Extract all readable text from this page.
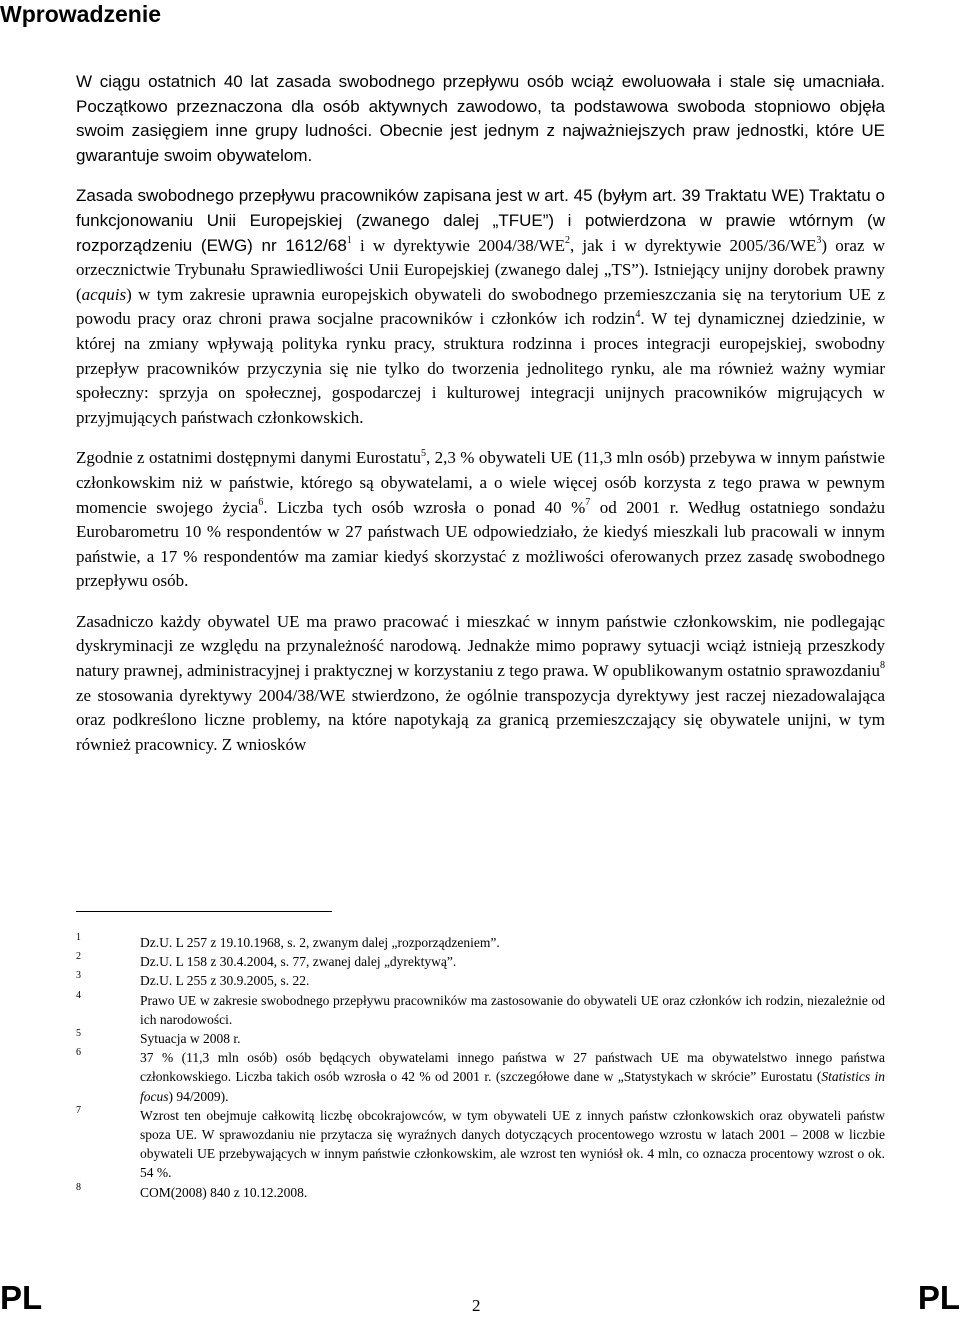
Wprowadzenie

W ciągu ostatnich 40 lat zasada swobodnego przepływu osób wciąż ewoluowała i stale się umacniała. Początkowo przeznaczona dla osób aktywnych zawodowo, ta podstawowa swoboda stopniowo objęła swoim zasięgiem inne grupy ludności. Obecnie jest jednym z najważniejszych praw jednostki, które UE gwarantuje swoim obywatelom.

Zasada swobodnego przepływu pracowników zapisana jest w art. 45 (byłym art. 39 Traktatu WE) Traktatu o funkcjonowaniu Unii Europejskiej (zwanego dalej „TFUE”) i potwierdzona w prawie wtórnym (w rozporządzeniu (EWG) nr $1612/68^1$ i w dyrektywie $2004/38/WE^2$, jak i w dyrektywie $2005/36/WE^3$) oraz w orzecznictwie Trybunału Sprawiedliwości Unii Europejskiej (zwanego dalej „TS”). Istniejący unijny dorobek prawny (acquis) w tym zakresie uprawnia europejskich obywateli do swobodnego przemieszczania się na terytorium UE z powodu pracy oraz chroni prawa socjalne pracowników i członków ich rodzin$^4$. W tej dynamicznej dziedzinie, w której na zmiany wpływają polityka rynku pracy, struktura rodzinna i proces integracji europejskiej, swobodny przepływ pracowników przyczynia się nie tylko do tworzenia jednolitego rynku, ale ma również ważny wymiar społeczny: sprzyja on społecznej, gospodarczej i kulturowej integracji unijnych pracowników migrujących w przyjmujących państwach członkowskich.

Zgodnie z ostatnimi dostępnymi danymi Eurostatu$^5$, 2,3 % obywateli UE (11,3 mln osób) przebywa w innym państwie członkowskim niż w państwie, którego są obywatelami, a o wiele więcej osób korzysta z tego prawa w pewnym momencie swojego życia$^6$. Liczba tych osób wzrosła o ponad 40 %$^7$ od 2001 r. Według ostatniego sondażu Eurobarometru 10 % respondentów w 27 państwach UE odpowiedziało, że kiedyś mieszkali lub pracowali w innym państwie, a 17 % respondentów ma zamiar kiedyś skorzystać z możliwości oferowanych przez zasadę swobodnego przepływu osób.

Zasadniczo każdy obywatel UE ma prawo pracować i mieszkać w innym państwie członkowskim, nie podlegając dyskryminacji ze względu na przynależność narodową. Jednakże mimo poprawy sytuacji wciąż istnieją przeszkody natury prawnej, administracyjnej i praktycznej w korzystaniu z tego prawa. W opublikowanym ostatnio sprawozdaniu$^8$ ze stosowania dyrektywy 2004/38/WE stwierdzono, że ogólnie transpozycja dyrektywy jest raczej niezadowalająca oraz podkreślono liczne problemy, na które napotykają za granicą przemieszczający się obywatele unijni, w tym również pracownicy. Z wniosków

1	Dz.U. L 257 z 19.10.1968, s. 2, zwanym dalej „rozporządzeniem”.
2	Dz.U. L 158 z 30.4.2004, s. 77, zwanej dalej „dyrektywą”.
3	Dz.U. L 255 z 30.9.2005, s. 22.
4	Prawo UE w zakresie swobodnego przepływu pracowników ma zastosowanie do obywateli UE oraz członków ich rodzin, niezależnie od ich narodowości.
5	Sytuacja w 2008 r.
6	37 % (11,3 mln osób) osób będących obywatelami innego państwa w 27 państwach UE ma obywatelstwo innego państwa członkowskiego. Liczba takich osób wzrosła o 42 % od 2001 r. (szczegółowe dane w „Statystykach w skrócie” Eurostatu (Statistics in focus) 94/2009).
7	Wzrost ten obejmuje całkowitą liczbę obcokrajowców, w tym obywateli UE z innych państw członkowskich oraz obywateli państw spoza UE. W sprawozdaniu nie przytacza się wyraźnych danych dotyczących procentowego wzrostu w latach 2001 – 2008 w liczbie obywateli UE przebywających w innym państwie członkowskim, ale wzrost ten wyniósł ok. 4 mln, co oznacza procentowy wzrost o ok. 54 %.
8	COM(2008) 840 z 10.12.2008.
PL	2	PL
